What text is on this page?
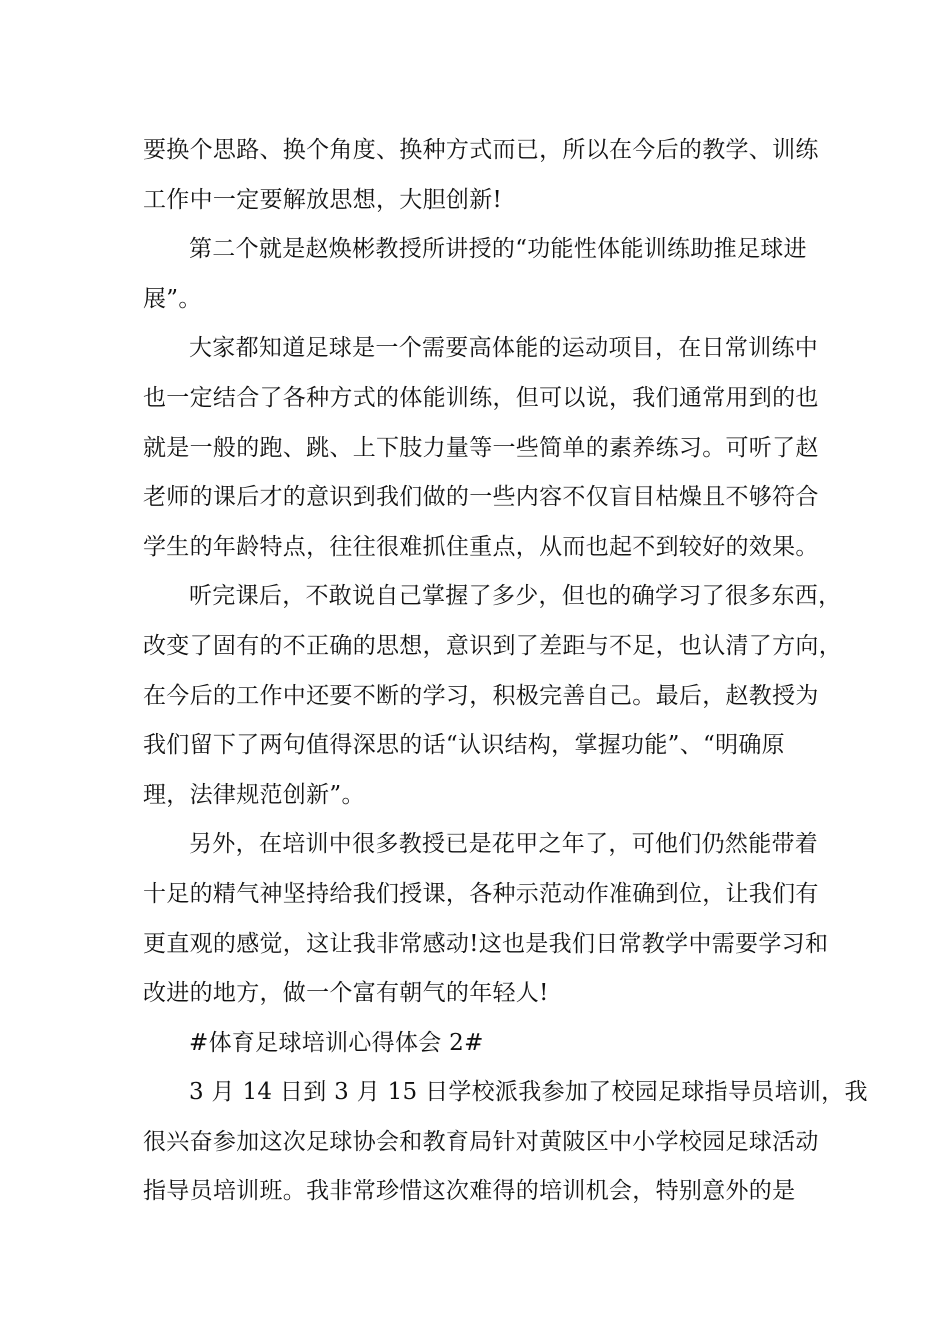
要换个思路、换个角度、换种方式而已，所以在今后的教学、训练
工作中一定要解放思想，大胆创新!

第二个就是赵焕彬教授所讲授的“功能性体能训练助推足球进
展”。

大家都知道足球是一个需要高体能的运动项目，在日常训练中
也一定结合了各种方式的体能训练，但可以说，我们通常用到的也
就是一般的跑、跳、上下肢力量等一些简单的素养练习。可听了赵
老师的课后才的意识到我们做的一些内容不仅盲目枯燥且不够符合
学生的年龄特点，往往很难抓住重点，从而也起不到较好的效果。

听完课后，不敢说自己掌握了多少，但也的确学习了很多东西，
改变了固有的不正确的思想，意识到了差距与不足，也认清了方向，
在今后的工作中还要不断的学习，积极完善自己。最后，赵教授为
我们留下了两句值得深思的话“认识结构，掌握功能”、“明确原
理，法律规范创新”。

另外，在培训中很多教授已是花甲之年了，可他们仍然能带着
十足的精气神坚持给我们授课，各种示范动作准确到位，让我们有
更直观的感觉，这让我非常感动!这也是我们日常教学中需要学习和
改进的地方，做一个富有朝气的年轻人!

#体育足球培训心得体会 2#

3 月 14 日到 3 月 15 日学校派我参加了校园足球指导员培训，我
很兴奋参加这次足球协会和教育局针对黄陂区中小学校园足球活动
指导员培训班。我非常珍惜这次难得的培训机会，特别意外的是
